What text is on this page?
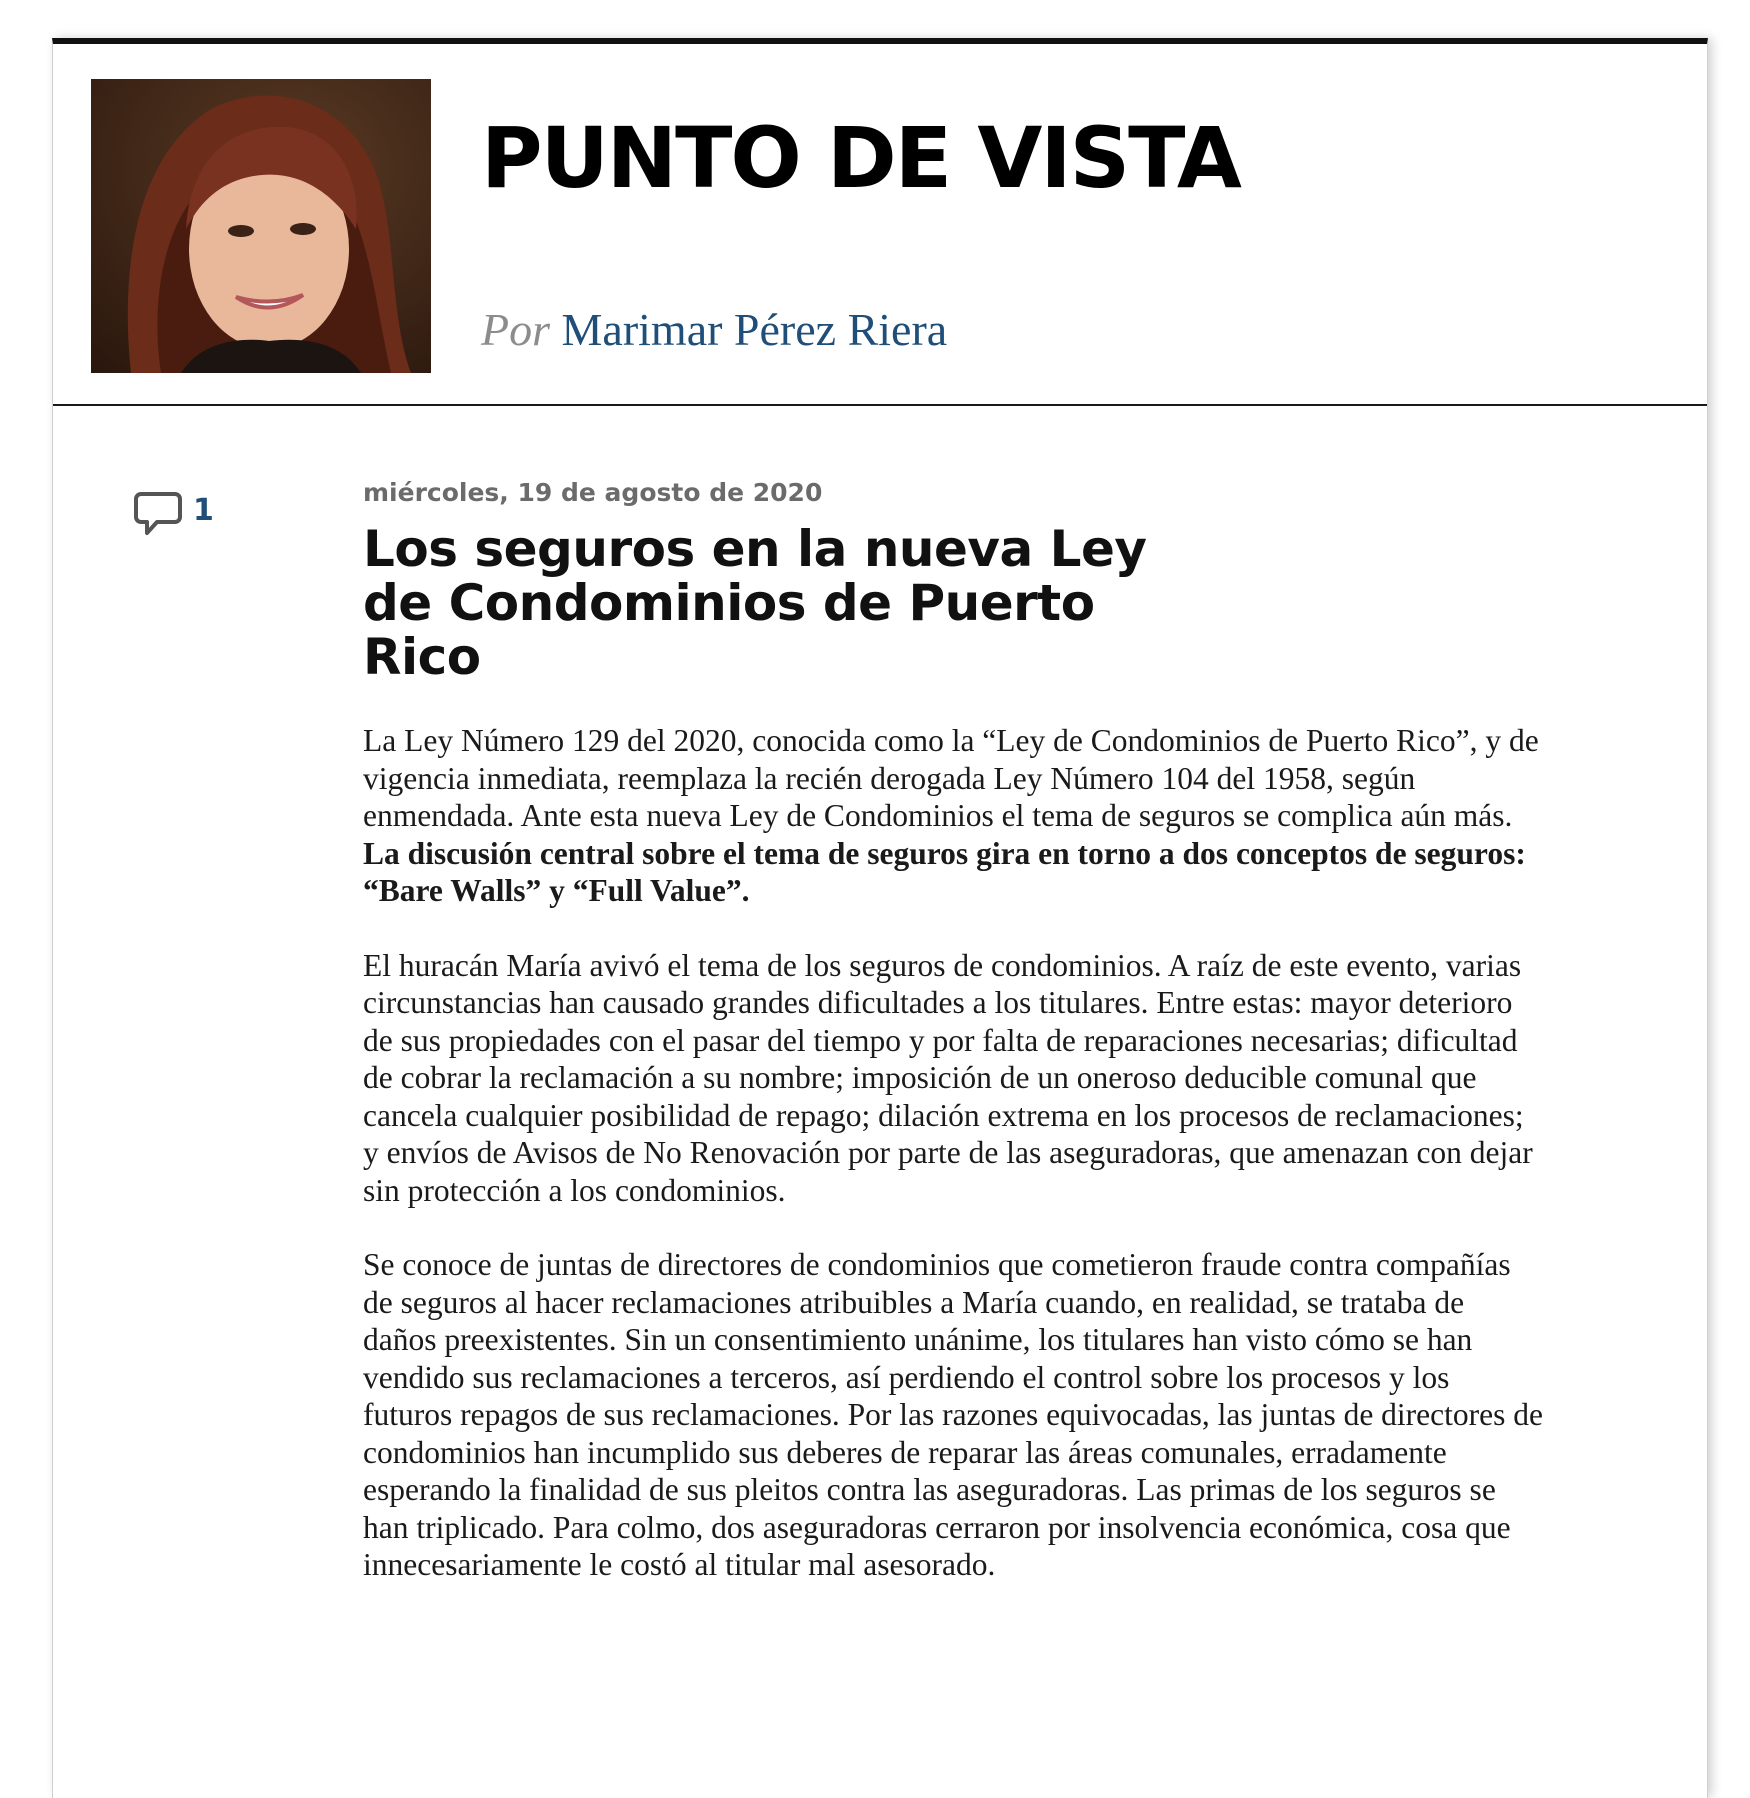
PUNTO DE VISTA
Por Marimar Pérez Riera
1
miércoles, 19 de agosto de 2020
Los seguros en la nueva Ley de Condominios de Puerto Rico

La Ley Número 129 del 2020, conocida como la “Ley de Condominios de Puerto Rico”, y de vigencia inmediata, reemplaza la recién derogada Ley Número 104 del 1958, según enmendada. Ante esta nueva Ley de Condominios el tema de seguros se complica aún más. La discusión central sobre el tema de seguros gira en torno a dos conceptos de seguros: “Bare Walls” y “Full Value”.

El huracán María avivó el tema de los seguros de condominios. A raíz de este evento, varias circunstancias han causado grandes dificultades a los titulares. Entre estas: mayor deterioro de sus propiedades con el pasar del tiempo y por falta de reparaciones necesarias; dificultad de cobrar la reclamación a su nombre; imposición de un oneroso deducible comunal que cancela cualquier posibilidad de repago; dilación extrema en los procesos de reclamaciones; y envíos de Avisos de No Renovación por parte de las aseguradoras, que amenazan con dejar sin protección a los condominios.

Se conoce de juntas de directores de condominios que cometieron fraude contra compañías de seguros al hacer reclamaciones atribuibles a María cuando, en realidad, se trataba de daños preexistentes. Sin un consentimiento unánime, los titulares han visto cómo se han vendido sus reclamaciones a terceros, así perdiendo el control sobre los procesos y los futuros repagos de sus reclamaciones. Por las razones equivocadas, las juntas de directores de condominios han incumplido sus deberes de reparar las áreas comunales, erradamente esperando la finalidad de sus pleitos contra las aseguradoras. Las primas de los seguros se han triplicado. Para colmo, dos aseguradoras cerraron por insolvencia económica, cosa que innecesariamente le costó al titular mal asesorado.
